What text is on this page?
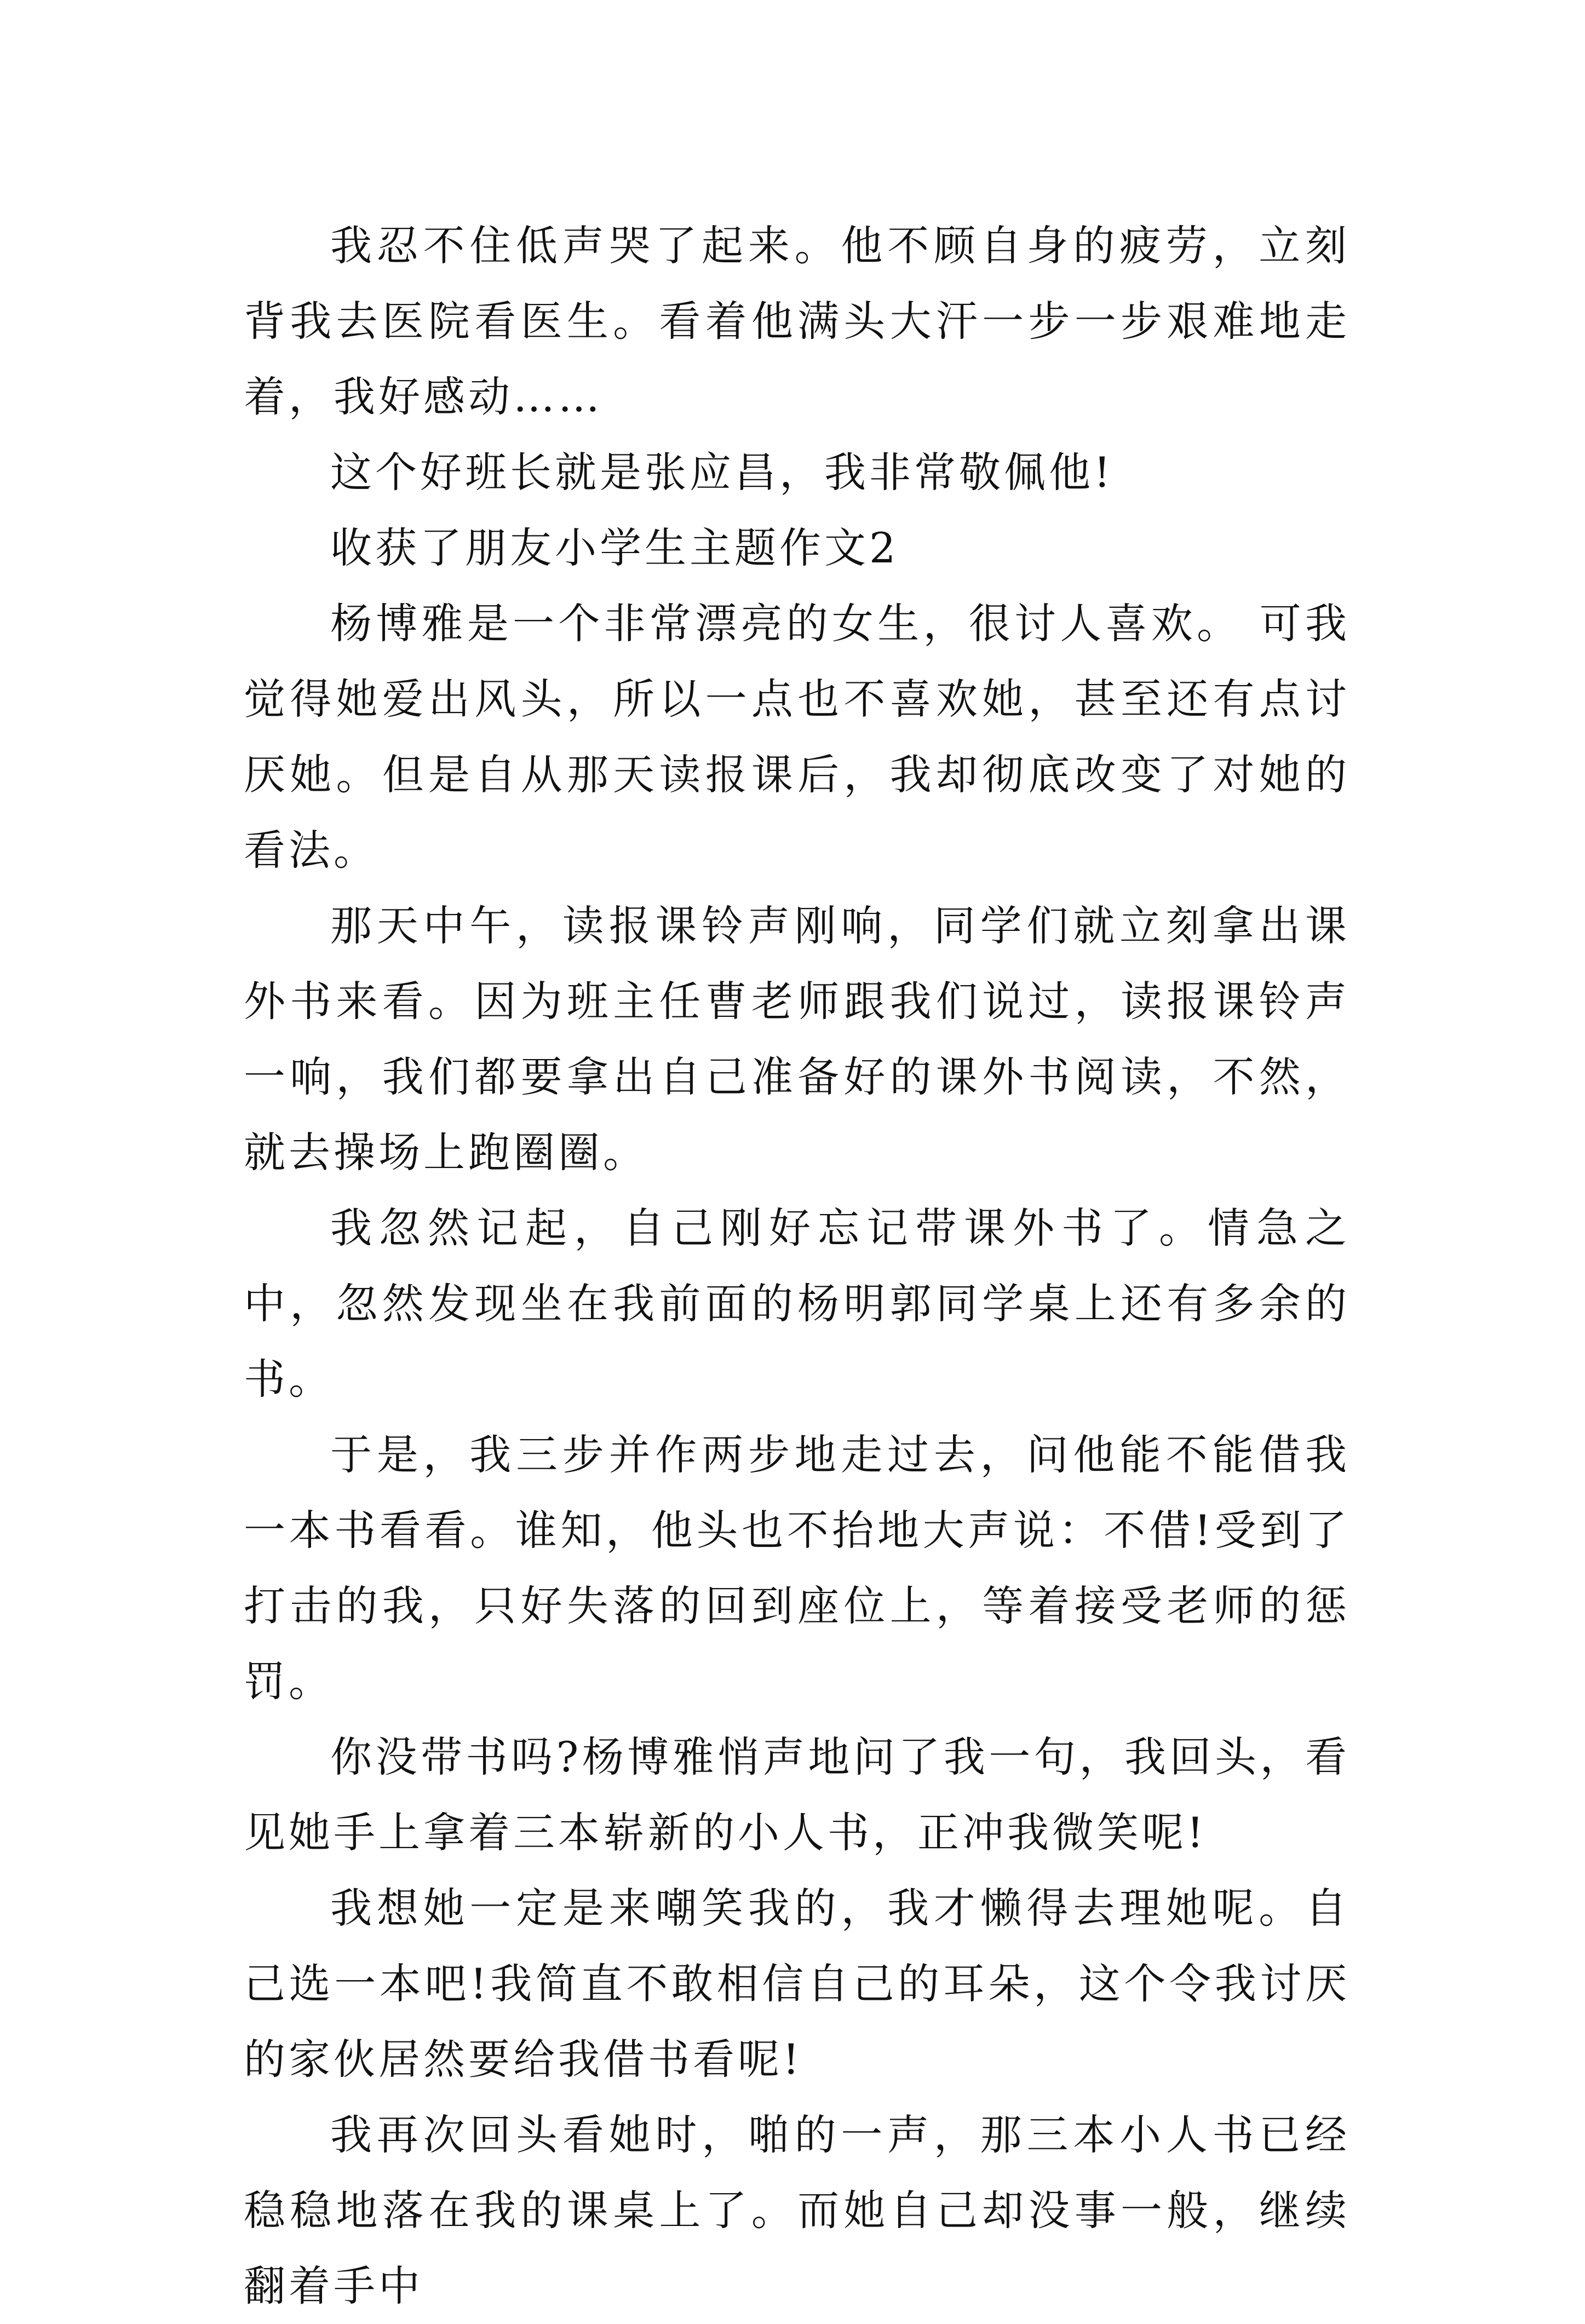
我忍不住低声哭了起来。他不顾自身的疲劳，立刻背我去医院看医生。看着他满头大汗一步一步艰难地走着，我好感动……

这个好班长就是张应昌，我非常敬佩他!

收获了朋友小学生主题作文2

杨博雅是一个非常漂亮的女生，很讨人喜欢。 可我觉得她爱出风头，所以一点也不喜欢她，甚至还有点讨厌她。但是自从那天读报课后，我却彻底改变了对她的看法。

那天中午，读报课铃声刚响，同学们就立刻拿出课外书来看。因为班主任曹老师跟我们说过，读报课铃声一响，我们都要拿出自己准备好的课外书阅读，不然，就去操场上跑圈圈。

我忽然记起，自己刚好忘记带课外书了。情急之中，忽然发现坐在我前面的杨明郭同学桌上还有多余的书。

于是，我三步并作两步地走过去，问他能不能借我一本书看看。谁知，他头也不抬地大声说：不借!受到了打击的我，只好失落的回到座位上，等着接受老师的惩罚。

你没带书吗?杨博雅悄声地问了我一句，我回头，看见她手上拿着三本崭新的小人书，正冲我微笑呢!

我想她一定是来嘲笑我的，我才懒得去理她呢。自己选一本吧!我简直不敢相信自己的耳朵，这个令我讨厌的家伙居然要给我借书看呢!

我再次回头看她时，啪的一声，那三本小人书已经稳稳地落在我的课桌上了。而她自己却没事一般，继续翻着手中
